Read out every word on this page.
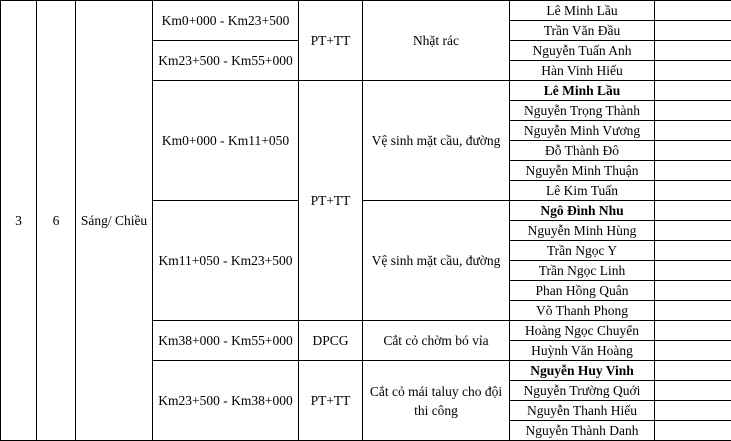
3	6	Sáng/ Chiều	Km0+000 - Km23+500	PT+TT	Nhặt rác	Lê Minh Lầu	
						Trần Văn Đầu	
			Km23+500 - Km55+000			Nguyễn Tuấn Anh	
						Hàn Vinh Hiếu	
			Km0+000 - Km11+050	PT+TT	Vệ sinh mặt cầu, đường	Lê Minh Lầu	
						Nguyễn Trọng Thành	
						Nguyễn Minh Vương	
						Đỗ Thành Đô	
						Nguyễn Minh Thuận	
						Lê Kim Tuấn	
			Km11+050 - Km23+500		Vệ sinh mặt cầu, đường	Ngô Đình Nhu	
						Nguyễn Minh Hùng	
						Trần Ngọc Y	
						Trần Ngọc Linh	
						Phan Hồng Quân	
						Võ Thanh Phong	
			Km38+000 - Km55+000	DPCG	Cắt cỏ chờm bó vỉa	Hoàng Ngọc Chuyển	
						Huỳnh Văn Hoàng	
			Km23+500 - Km38+000	PT+TT	Cắt cỏ mái taluy cho đội thi công	Nguyễn Huy Vinh	
						Nguyễn Trường Quới	
						Nguyễn Thanh Hiếu	
						Nguyễn Thành Danh	
